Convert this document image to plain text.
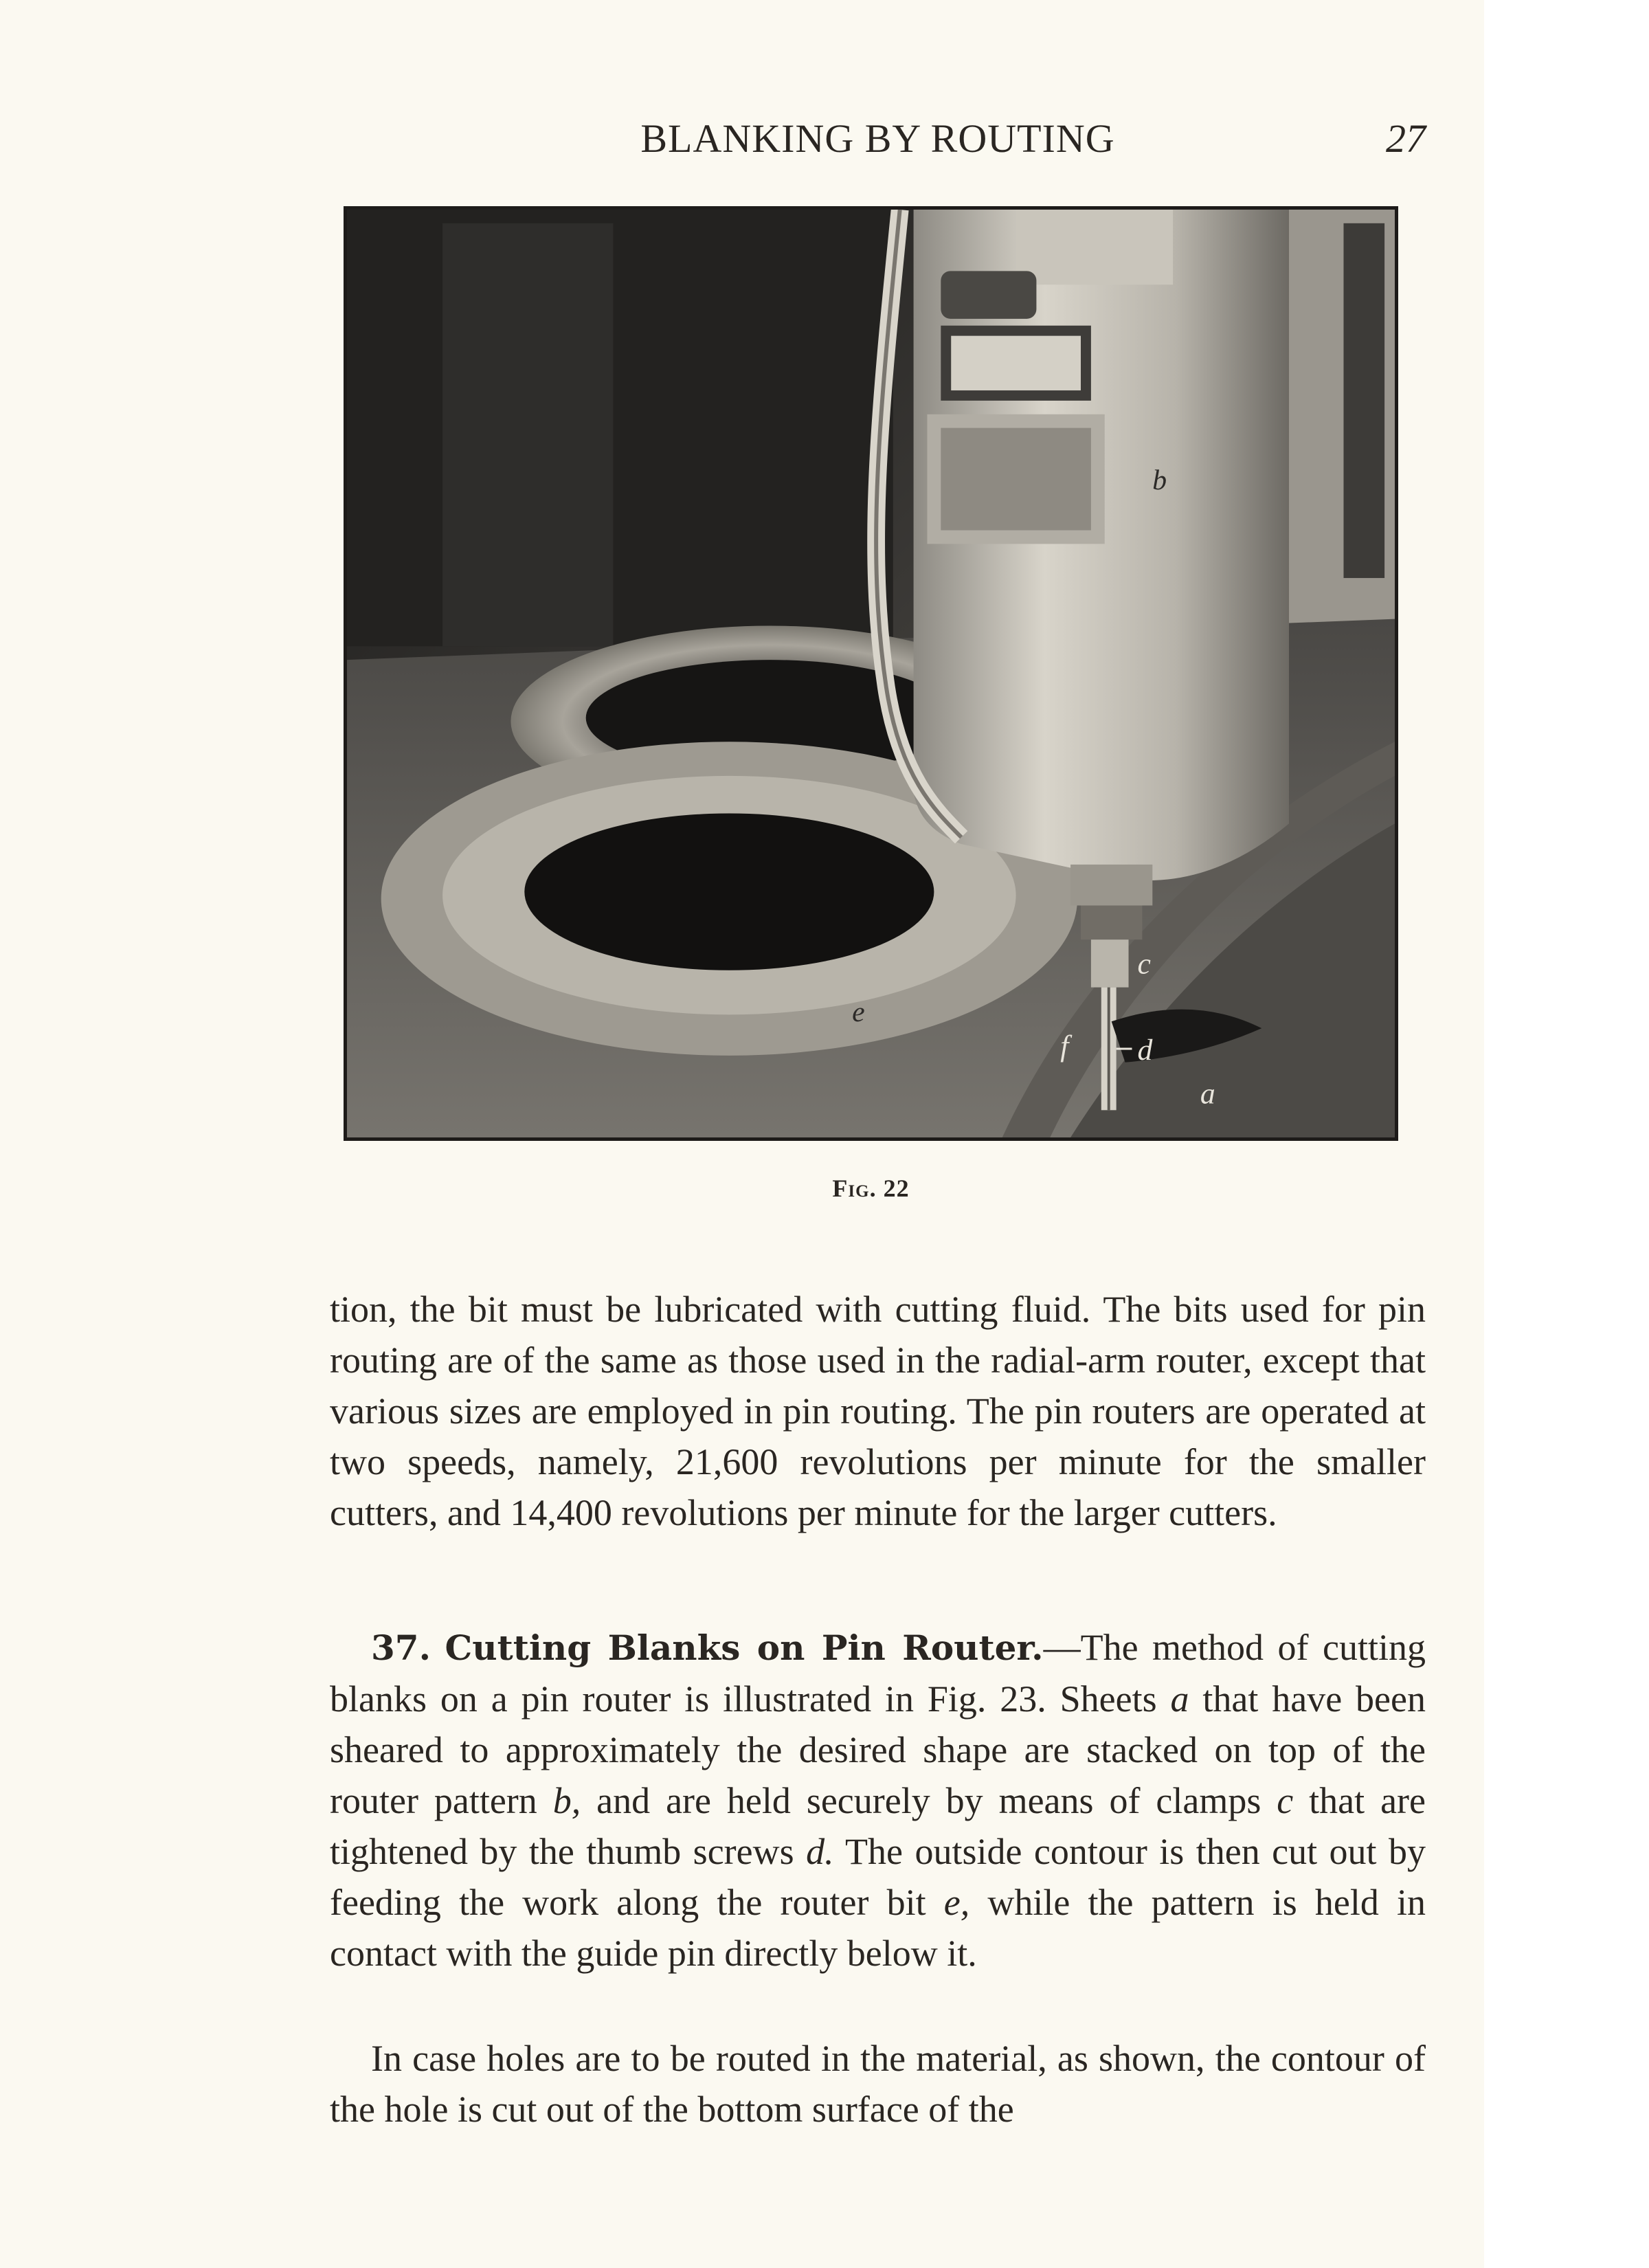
BLANKING BY ROUTING	27
d
c
a
b
e
f
Fig. 22
tion, the bit must be lubricated with cutting fluid. The bits used for pin routing are of the same as those used in the radial-arm router, except that various sizes are employed in pin routing. The pin routers are operated at two speeds, namely, 21,600 revolutions per minute for the smaller cutters, and 14,400 revolutions per minute for the larger cutters.
37. Cutting Blanks on Pin Router.—The method of cutting blanks on a pin router is illustrated in Fig. 23. Sheets a that have been sheared to approximately the desired shape are stacked on top of the router pattern b, and are held securely by means of clamps c that are tightened by the thumb screws d. The outside contour is then cut out by feeding the work along the router bit e, while the pattern is held in contact with the guide pin directly below it.
In case holes are to be routed in the material, as shown, the contour of the hole is cut out of the bottom surface of the
